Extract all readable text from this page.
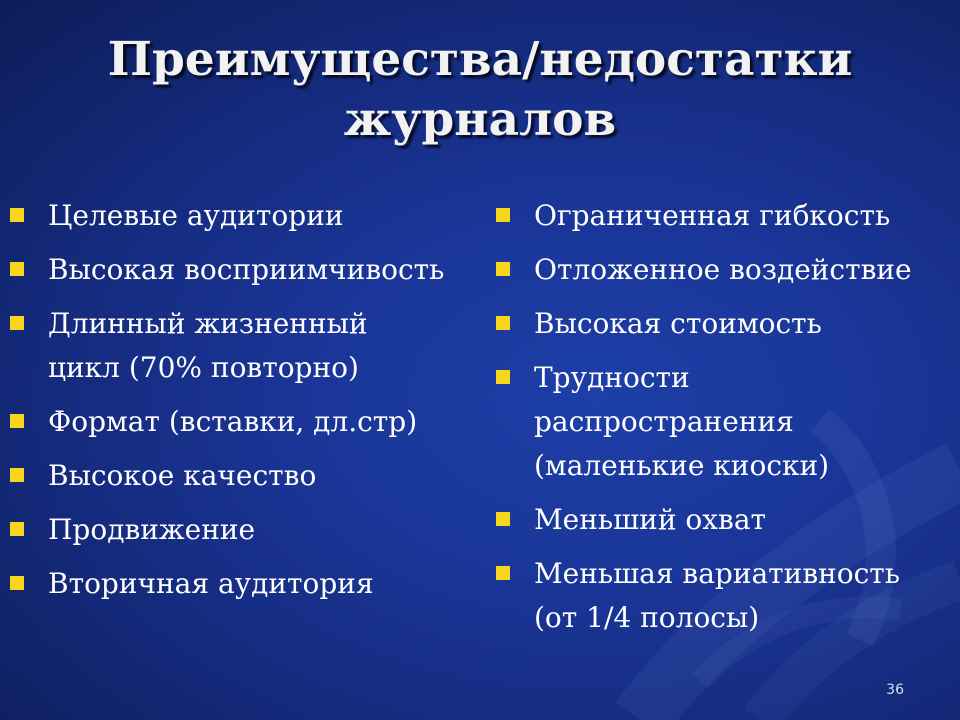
Преимущества/недостатки
журналов
Целевые аудитории
Высокая восприимчивость
Длинный жизненный
цикл (70% повторно)
Формат (вставки, дл.стр)
Высокое качество
Продвижение
Вторичная аудитория
Ограниченная гибкость
Отложенное воздействие
Высокая стоимость
Трудности
распространения
(маленькие киоски)
Меньший охват
Меньшая вариативность
(от 1/4 полосы)
36
